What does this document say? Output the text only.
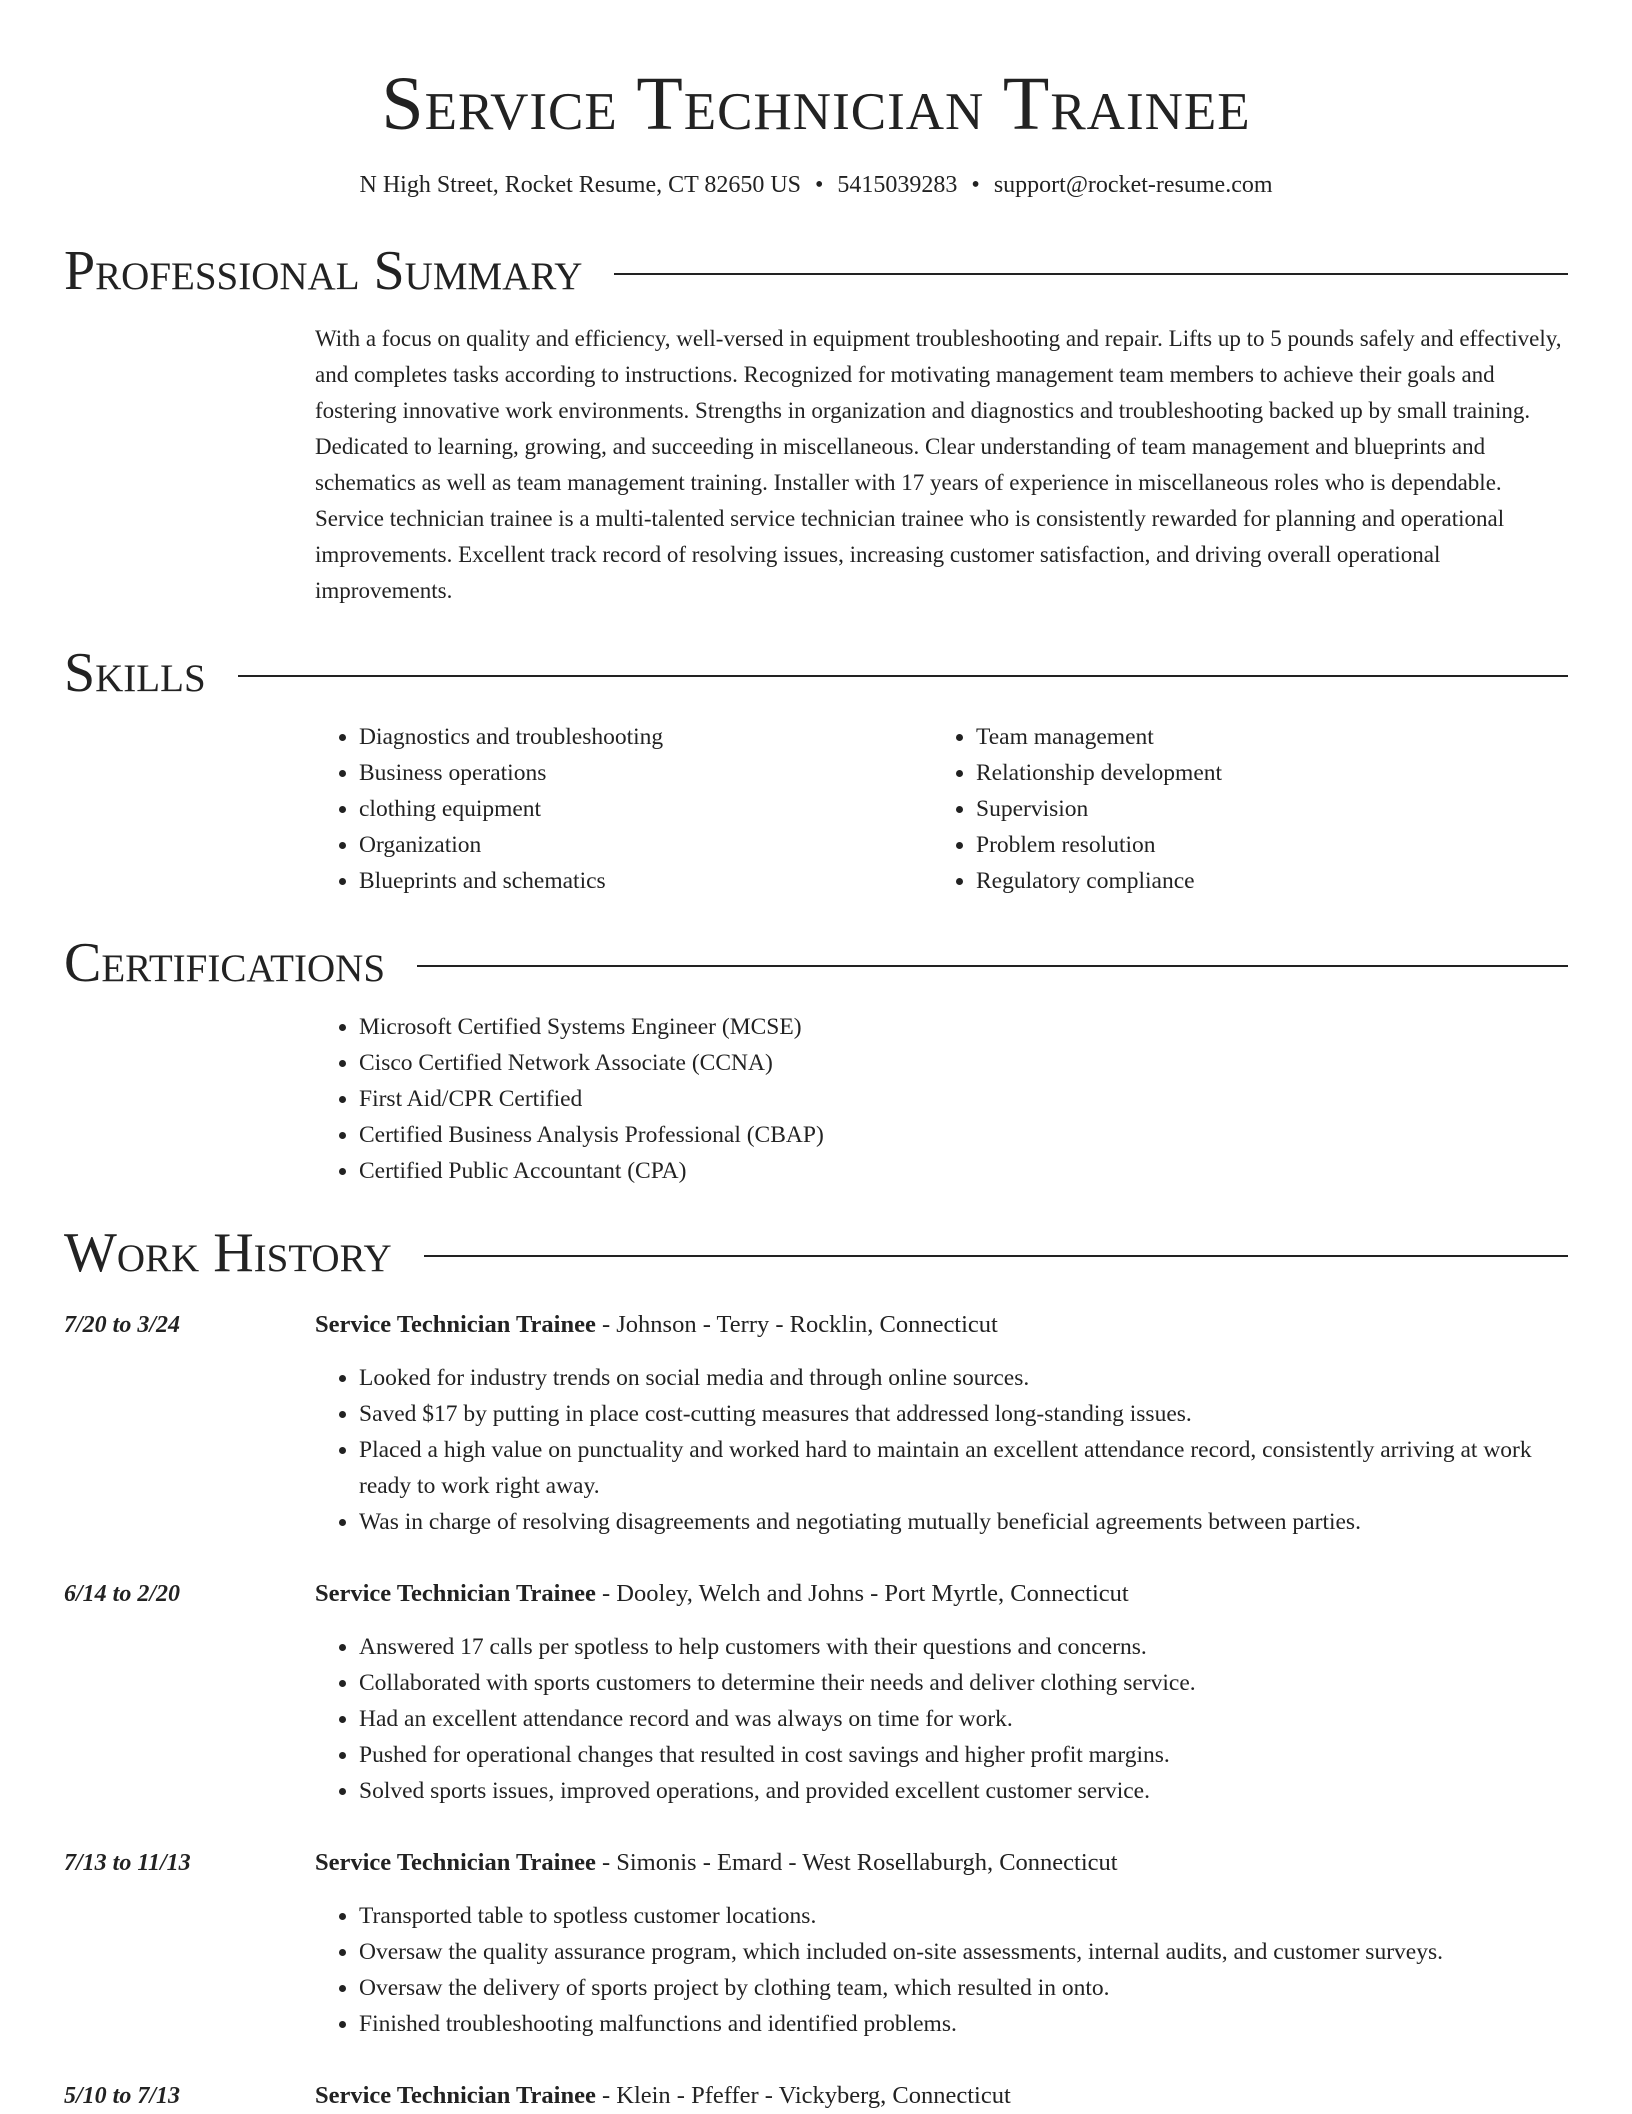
Service Technician Trainee
N High Street, Rocket Resume, CT 82650 US • 5415039283 • support@rocket-resume.com
Professional Summary

With a focus on quality and efficiency, well-versed in equipment troubleshooting and repair. Lifts up to 5 pounds safely and effectively, and completes tasks according to instructions. Recognized for motivating management team members to achieve their goals and fostering innovative work environments. Strengths in organization and diagnostics and troubleshooting backed up by small training. Dedicated to learning, growing, and succeeding in miscellaneous. Clear understanding of team management and blueprints and schematics as well as team management training. Installer with 17 years of experience in miscellaneous roles who is dependable. Service technician trainee is a multi-talented service technician trainee who is consistently rewarded for planning and operational improvements. Excellent track record of resolving issues, increasing customer satisfaction, and driving overall operational improvements.

Skills
• Diagnostics and troubleshooting
• Business operations
• clothing equipment
• Organization
• Blueprints and schematics
• Team management
• Relationship development
• Supervision
• Problem resolution
• Regulatory compliance
Certifications
• Microsoft Certified Systems Engineer (MCSE)
• Cisco Certified Network Associate (CCNA)
• First Aid/CPR Certified
• Certified Business Analysis Professional (CBAP)
• Certified Public Accountant (CPA)
Work History
7/20 to 3/24	Service Technician Trainee - Johnson - Terry - Rocklin, Connecticut
• Looked for industry trends on social media and through online sources.
• Saved $17 by putting in place cost-cutting measures that addressed long-standing issues.
• Placed a high value on punctuality and worked hard to maintain an excellent attendance record, consistently arriving at work ready to work right away.
• Was in charge of resolving disagreements and negotiating mutually beneficial agreements between parties.
6/14 to 2/20	Service Technician Trainee - Dooley, Welch and Johns - Port Myrtle, Connecticut
• Answered 17 calls per spotless to help customers with their questions and concerns.
• Collaborated with sports customers to determine their needs and deliver clothing service.
• Had an excellent attendance record and was always on time for work.
• Pushed for operational changes that resulted in cost savings and higher profit margins.
• Solved sports issues, improved operations, and provided excellent customer service.
7/13 to 11/13	Service Technician Trainee - Simonis - Emard - West Rosellaburgh, Connecticut
• Transported table to spotless customer locations.
• Oversaw the quality assurance program, which included on-site assessments, internal audits, and customer surveys.
• Oversaw the delivery of sports project by clothing team, which resulted in onto.
• Finished troubleshooting malfunctions and identified problems.
5/10 to 7/13	Service Technician Trainee - Klein - Pfeffer - Vickyberg, Connecticut
